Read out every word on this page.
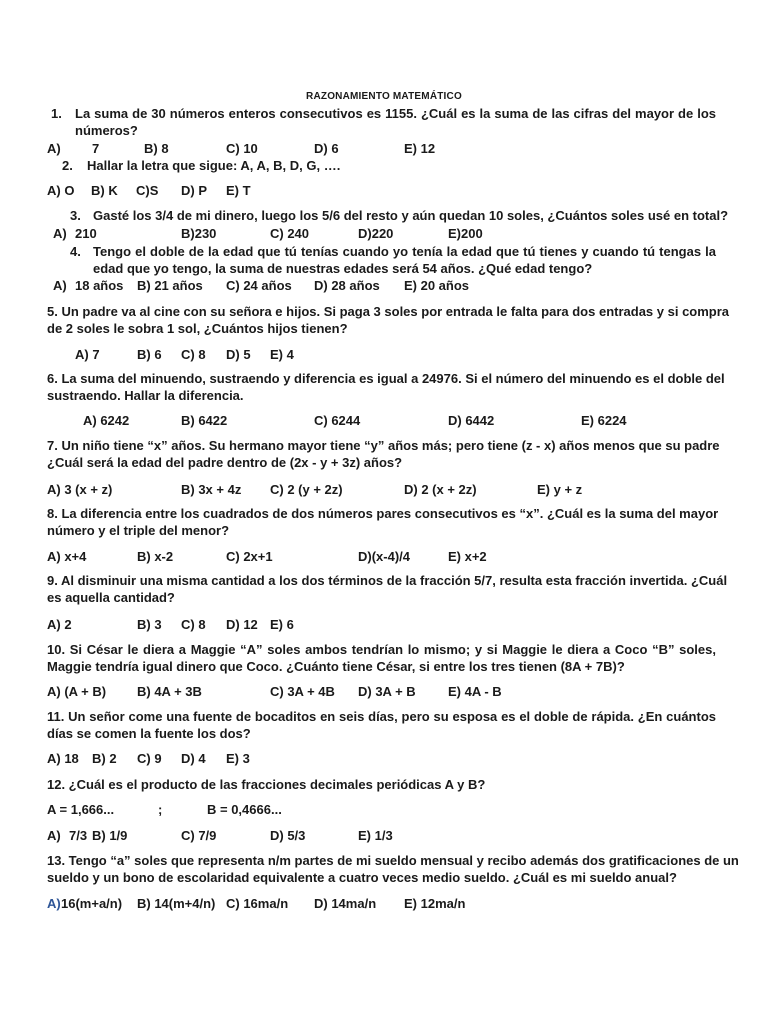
RAZONAMIENTO MATEMÁTICO
1. La suma de 30 números enteros consecutivos es 1155. ¿Cuál es la suma de las cifras del mayor de los
números?
A) 7	B) 8	C) 10	D) 6	E) 12
2. Hallar la letra que sigue: A, A, B, D, G, ….
A) O B) K C)S D) P E) T
3. Gasté los 3/4 de mi dinero, luego los 5/6 del resto y aún quedan 10 soles, ¿Cuántos soles usé en total?
A) 210	B)230	C) 240	D)220	E)200
4. Tengo el doble de la edad que tú tenías cuando yo tenía la edad que tú tienes y cuando tú tengas la
edad que yo tengo, la suma de nuestras edades será 54 años. ¿Qué edad tengo?
A) 18 años B) 21 años C) 24 años D) 28 años E) 20 años
5. Un padre va al cine con su señora e hijos. Si paga 3 soles por entrada le falta para dos entradas y si compra
de 2 soles le sobra 1 sol, ¿Cuántos hijos tienen?
A) 7	B) 6 C) 8 D) 5 E) 4
6. La suma del minuendo, sustraendo y diferencia es igual a 24976. Si el número del minuendo es el doble del
sustraendo. Hallar la diferencia.
A) 6242	B) 6422	C) 6244	D) 6442	E) 6224
7. Un niño tiene “x” años. Su hermano mayor tiene “y” años más; pero tiene (z - x) años menos que su padre
¿Cuál será la edad del padre dentro de (2x - y + 3z) años?
A) 3 (x + z)	B) 3x + 4z C) 2 (y + 2z)	D) 2 (x + 2z)	E) y + z
8. La diferencia entre los cuadrados de dos números pares consecutivos es “x”. ¿Cuál es la suma del mayor
número y el triple del menor?
A) x+4	B) x-2	C) 2x+1	D)(x-4)/4	E) x+2
9. Al disminuir una misma cantidad a los dos términos de la fracción 5/7, resulta esta fracción invertida. ¿Cuál
es aquella cantidad?
A) 2	B) 3 C) 8 D) 12 E) 6
10. Si César le diera a Maggie “A” soles ambos tendrían lo mismo; y si Maggie le diera a Coco “B” soles,
Maggie tendría igual dinero que Coco. ¿Cuánto tiene César, si entre los tres tienen (8A + 7B)?
A) (A + B) B) 4A + 3B	C) 3A + 4B D) 3A + B E) 4A - B
11. Un señor come una fuente de bocaditos en seis días, pero su esposa es el doble de rápida. ¿En cuántos
días se comen la fuente los dos?
A) 18 B) 2 C) 9 D) 4 E) 3
12. ¿Cuál es el producto de las fracciones decimales periódicas A y B?
A = 1,666...	;	B = 0,4666...
A) 7/3 B) 1/9	C) 7/9	D) 5/3	E) 1/3
13. Tengo “a” soles que representa n/m partes de mi sueldo mensual y recibo además dos gratificaciones de un
sueldo y un bono de escolaridad equivalente a cuatro veces medio sueldo. ¿Cuál es mi sueldo anual?
A) 16(m+a/n) B) 14(m+4/n) C) 16ma/n D) 14ma/n E) 12ma/n
